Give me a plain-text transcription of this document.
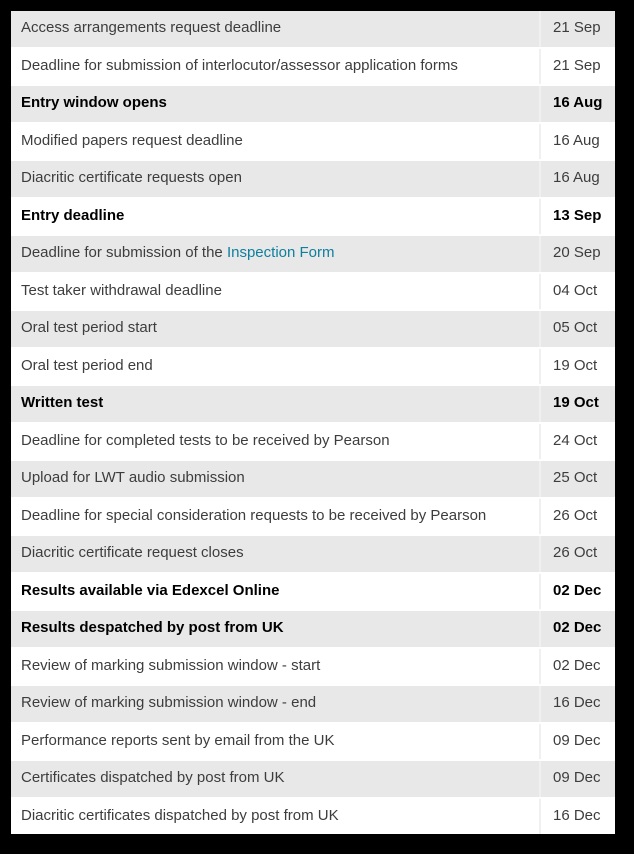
Access arrangements request deadline	21 Sep
Deadline for submission of interlocutor/assessor application forms	21 Sep
Entry window opens	16 Aug
Modified papers request deadline	16 Aug
Diacritic certificate requests open	16 Aug
Entry deadline	13 Sep
Deadline for submission of the Inspection Form	20 Sep
Test taker withdrawal deadline	04 Oct
Oral test period start	05 Oct
Oral test period end	19 Oct
Written test	19 Oct
Deadline for completed tests to be received by Pearson	24 Oct
Upload for LWT audio submission	25 Oct
Deadline for special consideration requests to be received by Pearson	26 Oct
Diacritic certificate request closes	26 Oct
Results available via Edexcel Online	02 Dec
Results despatched by post from UK	02 Dec
Review of marking submission window - start	02 Dec
Review of marking submission window - end	16 Dec
Performance reports sent by email from the UK	09 Dec
Certificates dispatched by post from UK	09 Dec
Diacritic certificates dispatched by post from UK	16 Dec
